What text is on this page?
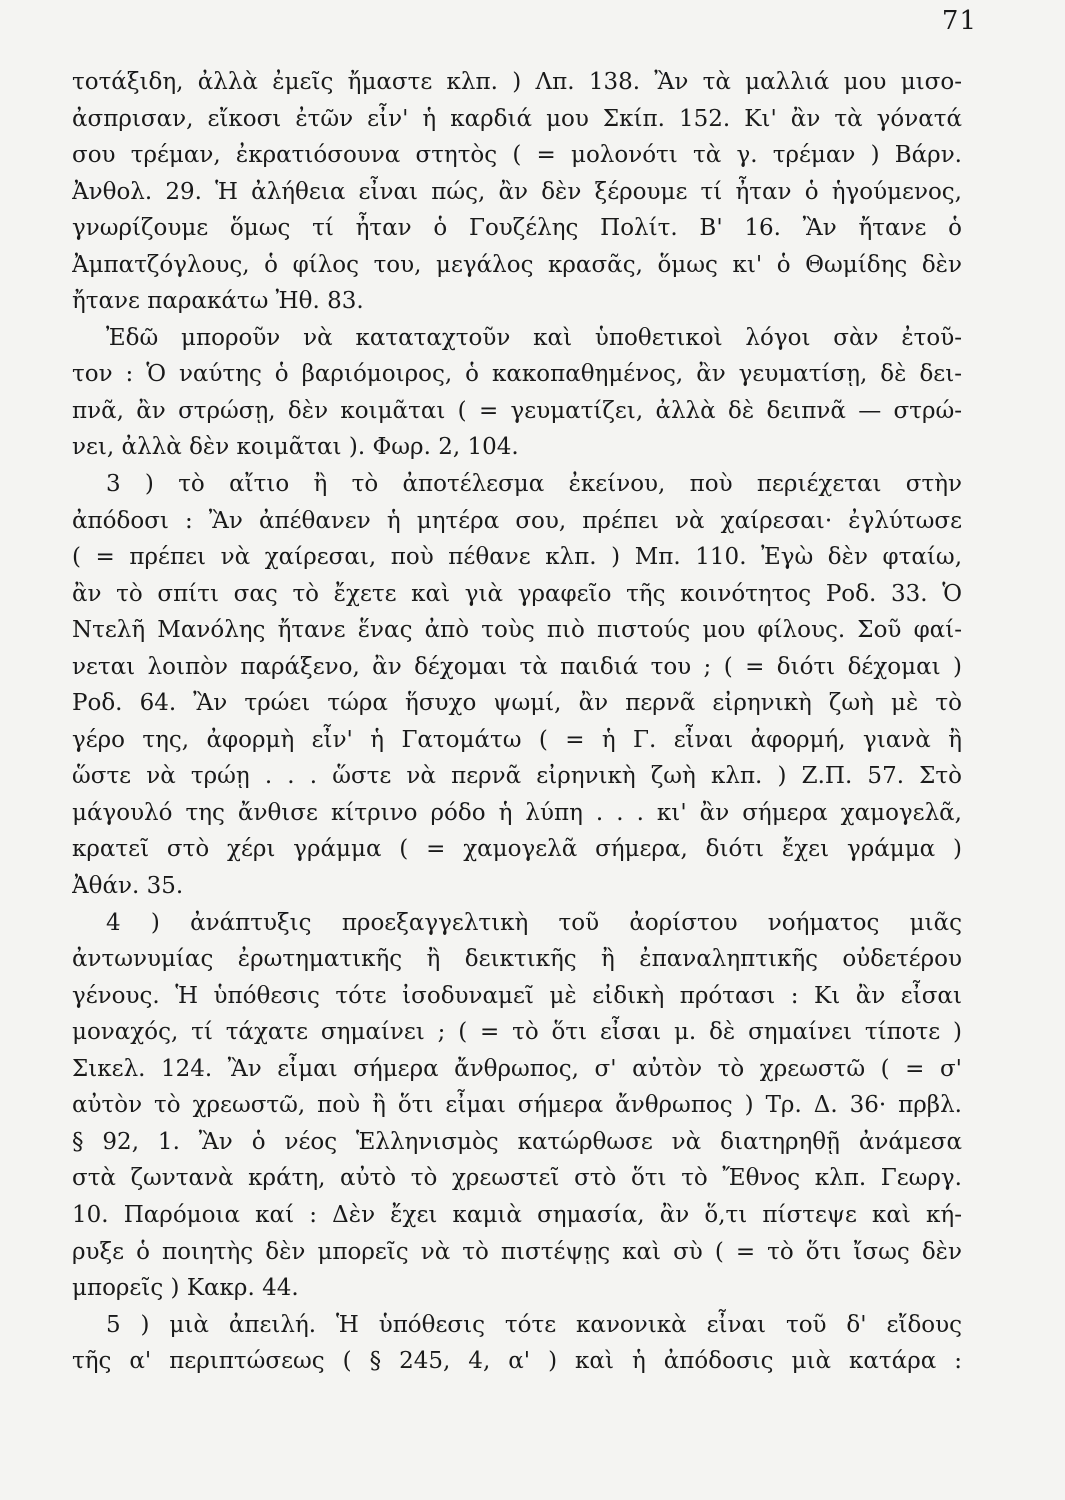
71
τοτάξιδη, ἀλλὰ ἐμεῖς ἤμαστε κλπ. ) Λπ. 138. Ἂν τὰ μαλλιά μου μισο-
ἀσπρισαν, εἴκοσι ἐτῶν εἶν' ἡ καρδιά μου Σκίπ. 152. Κι' ἂν τὰ γόνατά
σου τρέμαν, ἐκρατιόσουνα στητὸς ( = μολονότι τὰ γ. τρέμαν ) Βάρν.
Ἀνθολ. 29. Ἡ ἀλήθεια εἶναι πώς, ἂν δὲν ξέρουμε τί ἦταν ὁ ἡγούμενος,
γνωρίζουμε ὅμως τί ἦταν ὁ Γουζέλης Πολίτ. Β' 16. Ἂν ἤτανε ὁ
Ἀμπατζόγλους, ὁ φίλος του, μεγάλος κρασᾶς, ὅμως κι' ὁ Θωμίδης δὲν
ἤτανε παρακάτω Ἠθ. 83.
Ἐδῶ μποροῦν νὰ καταταχτοῦν καὶ ὑποθετικοὶ λόγοι σὰν ἐτοῦ-
τον : Ὁ ναύτης ὁ βαριόμοιρος, ὁ κακοπαθημένος, ἂν γευματίσῃ, δὲ δει-
πνᾶ, ἂν στρώσῃ, δὲν κοιμᾶται ( = γευματίζει, ἀλλὰ δὲ δειπνᾶ — στρώ-
νει, ἀλλὰ δὲν κοιμᾶται ). Φωρ. 2, 104.
3 ) τὸ αἴτιο ἢ τὸ ἀποτέλεσμα ἐκείνου, ποὺ περιέχεται στὴν
ἀπόδοσι : Ἂν ἀπέθανεν ἡ μητέρα σου, πρέπει νὰ χαίρεσαι· ἐγλύτωσε
( = πρέπει νὰ χαίρεσαι, ποὺ πέθανε κλπ. ) Μπ. 110. Ἐγὼ δὲν φταίω,
ἂν τὸ σπίτι σας τὸ ἔχετε καὶ γιὰ γραφεῖο τῆς κοινότητος Ροδ. 33. Ὁ
Ντελῆ Μανόλης ἤτανε ἕνας ἀπὸ τοὺς πιὸ πιστούς μου φίλους. Σοῦ φαί-
νεται λοιπὸν παράξενο, ἂν δέχομαι τὰ παιδιά του ; ( = διότι δέχομαι )
Ροδ. 64. Ἂν τρώει τώρα ἥσυχο ψωμί, ἂν περνᾶ εἰρηνικὴ ζωὴ μὲ τὸ
γέρο της, ἀφορμὴ εἶν' ἡ Γατομάτω ( = ἡ Γ. εἶναι ἀφορμή, γιανὰ ἢ
ὥστε νὰ τρώῃ . . . ὥστε νὰ περνᾶ εἰρηνικὴ ζωὴ κλπ. ) Ζ.Π. 57. Στὸ
μάγουλό της ἄνθισε κίτρινο ρόδο ἡ λύπη . . . κι' ἂν σήμερα χαμογελᾶ,
κρατεῖ στὸ χέρι γράμμα ( = χαμογελᾶ σήμερα, διότι ἔχει γράμμα )
Ἀθάν. 35.
4 ) ἀνάπτυξις προεξαγγελτικὴ τοῦ ἀορίστου νοήματος μιᾶς
ἀντωνυμίας ἐρωτηματικῆς ἢ δεικτικῆς ἢ ἐπαναληπτικῆς οὐδετέρου
γένους. Ἡ ὑπόθεσις τότε ἰσοδυναμεῖ μὲ εἰδικὴ πρότασι : Κι ἂν εἶσαι
μοναχός, τί τάχατε σημαίνει ; ( = τὸ ὅτι εἶσαι μ. δὲ σημαίνει τίποτε )
Σικελ. 124. Ἂν εἶμαι σήμερα ἄνθρωπος, σ' αὐτὸν τὸ χρεωστῶ ( = σ'
αὐτὸν τὸ χρεωστῶ, ποὺ ἢ ὅτι εἶμαι σήμερα ἄνθρωπος ) Τρ. Δ. 36· πρβλ.
§ 92, 1. Ἂν ὁ νέος Ἑλληνισμὸς κατώρθωσε νὰ διατηρηθῇ ἀνάμεσα
στὰ ζωντανὰ κράτη, αὐτὸ τὸ χρεωστεῖ στὸ ὅτι τὸ Ἔθνος κλπ. Γεωργ.
10. Παρόμοια καί : Δὲν ἔχει καμιὰ σημασία, ἂν ὅ,τι πίστεψε καὶ κή-
ρυξε ὁ ποιητὴς δὲν μπορεῖς νὰ τὸ πιστέψῃς καὶ σὺ ( = τὸ ὅτι ἴσως δὲν
μπορεῖς ) Κακρ. 44.
5 ) μιὰ ἀπειλή. Ἡ ὑπόθεσις τότε κανονικὰ εἶναι τοῦ δ' εἴδους
τῆς α' περιπτώσεως ( § 245, 4, α' ) καὶ ἡ ἀπόδοσις μιὰ κατάρα :
